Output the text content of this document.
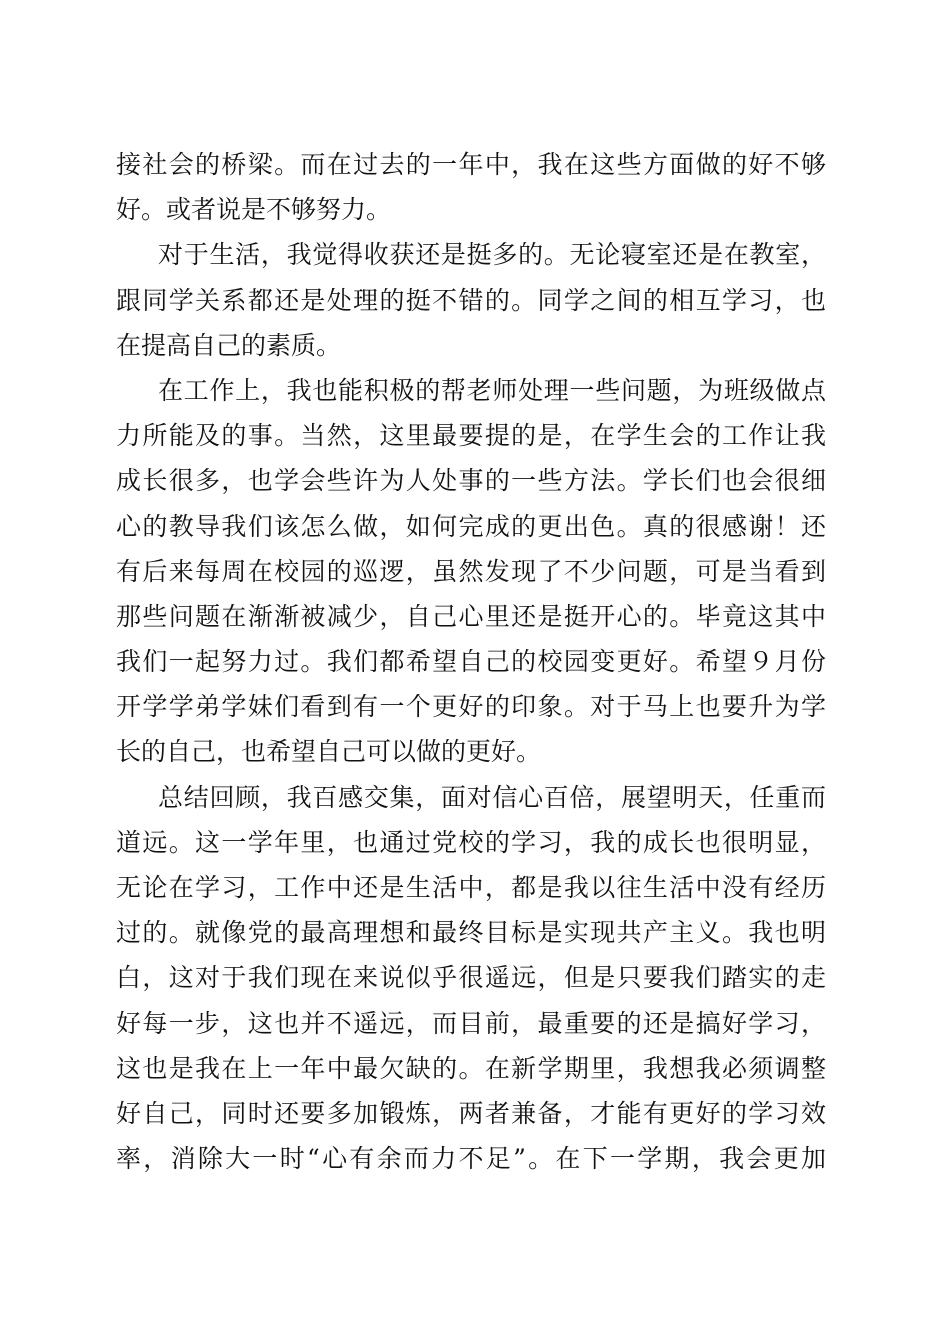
接社会的桥梁。而在过去的一年中，我在这些方面做的好不够
好。或者说是不够努力。
对于生活，我觉得收获还是挺多的。无论寝室还是在教室，
跟同学关系都还是处理的挺不错的。同学之间的相互学习，也
在提高自己的素质。
在工作上，我也能积极的帮老师处理一些问题，为班级做点
力所能及的事。当然，这里最要提的是，在学生会的工作让我
成长很多，也学会些许为人处事的一些方法。学长们也会很细
心的教导我们该怎么做，如何完成的更出色。真的很感谢！还
有后来每周在校园的巡逻，虽然发现了不少问题，可是当看到
那些问题在渐渐被减少，自己心里还是挺开心的。毕竟这其中
我们一起努力过。我们都希望自己的校园变更好。希望９月份
开学学弟学妹们看到有一个更好的印象。对于马上也要升为学
长的自己，也希望自己可以做的更好。
总结回顾，我百感交集，面对信心百倍，展望明天，任重而
道远。这一学年里，也通过党校的学习，我的成长也很明显，
无论在学习，工作中还是生活中，都是我以往生活中没有经历
过的。就像党的最高理想和最终目标是实现共产主义。我也明
白，这对于我们现在来说似乎很遥远，但是只要我们踏实的走
好每一步，这也并不遥远，而目前，最重要的还是搞好学习，
这也是我在上一年中最欠缺的。在新学期里，我想我必须调整
好自己，同时还要多加锻炼，两者兼备，才能有更好的学习效
率，消除大一时“心有余而力不足”。在下一学期，我会更加
